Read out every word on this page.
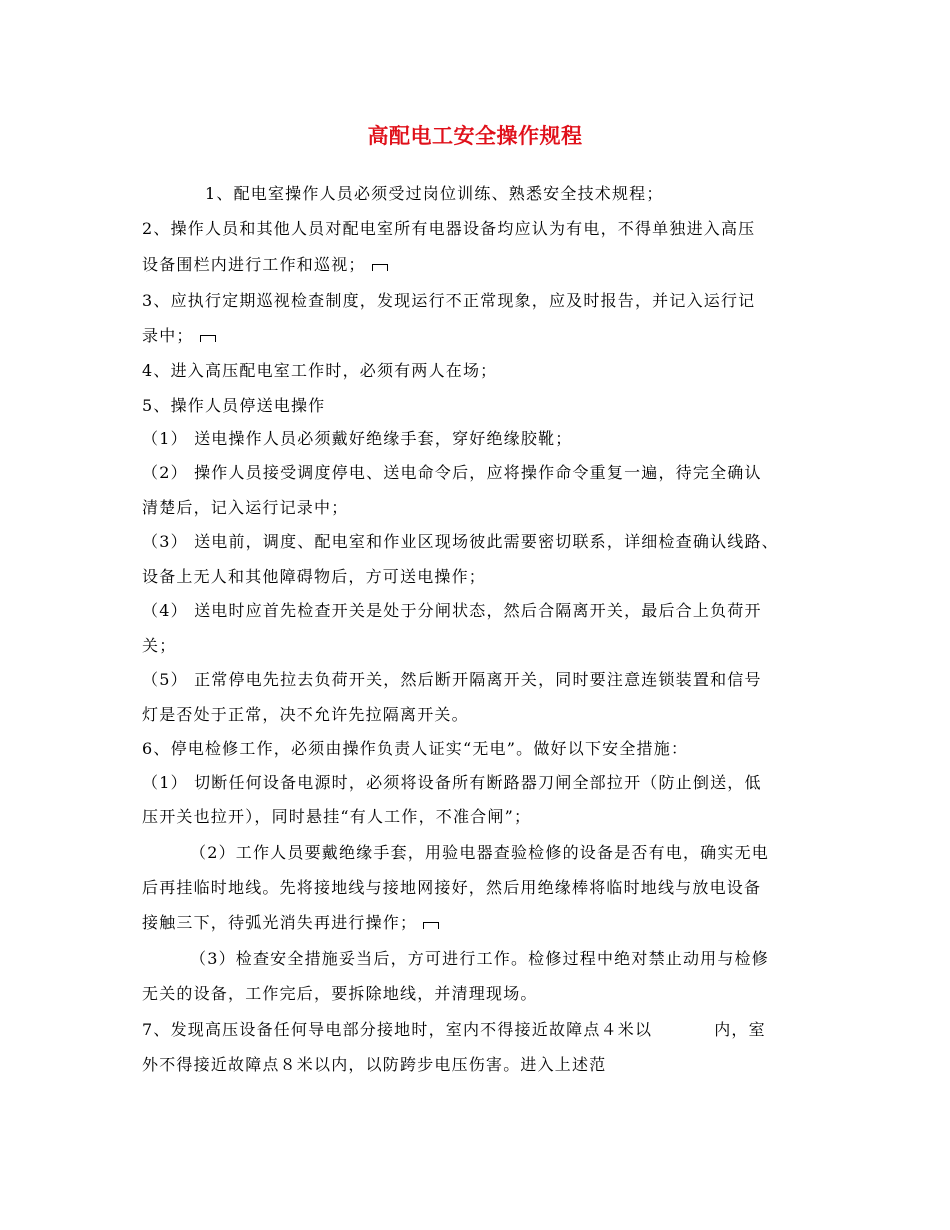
高配电工安全操作规程
1、配电室操作人员必须受过岗位训练、熟悉安全技术规程；
2、操作人员和其他人员对配电室所有电器设备均应认为有电，不得单独进入高压
设备围栏内进行工作和巡视；
3、应执行定期巡视检查制度，发现运行不正常现象，应及时报告，并记入运行记
录中；
4、进入高压配电室工作时，必须有两人在场；
5、操作人员停送电操作
（1） 送电操作人员必须戴好绝缘手套，穿好绝缘胶靴；
（2） 操作人员接受调度停电、送电命令后，应将操作命令重复一遍，待完全确认
清楚后，记入运行记录中；
（3） 送电前，调度、配电室和作业区现场彼此需要密切联系，详细检查确认线路、
设备上无人和其他障碍物后，方可送电操作；
（4） 送电时应首先检查开关是处于分闸状态，然后合隔离开关，最后合上负荷开
关；
（5） 正常停电先拉去负荷开关，然后断开隔离开关，同时要注意连锁装置和信号
灯是否处于正常，决不允许先拉隔离开关。
6、停电检修工作，必须由操作负责人证实“无电”。做好以下安全措施：
（1） 切断任何设备电源时，必须将设备所有断路器刀闸全部拉开（防止倒送，低
压开关也拉开），同时悬挂“有人工作，不准合闸”；
（2）工作人员要戴绝缘手套，用验电器查验检修的设备是否有电，确实无电
后再挂临时地线。先将接地线与接地网接好，然后用绝缘棒将临时地线与放电设备
接触三下，待弧光消失再进行操作；
（3）检查安全措施妥当后，方可进行工作。检修过程中绝对禁止动用与检修
无关的设备，工作完后，要拆除地线，并清理现场。
7、发现高压设备任何导电部分接地时，室内不得接近故障点４米以	内，室
外不得接近故障点８米以内，以防跨步电压伤害。进入上述范
